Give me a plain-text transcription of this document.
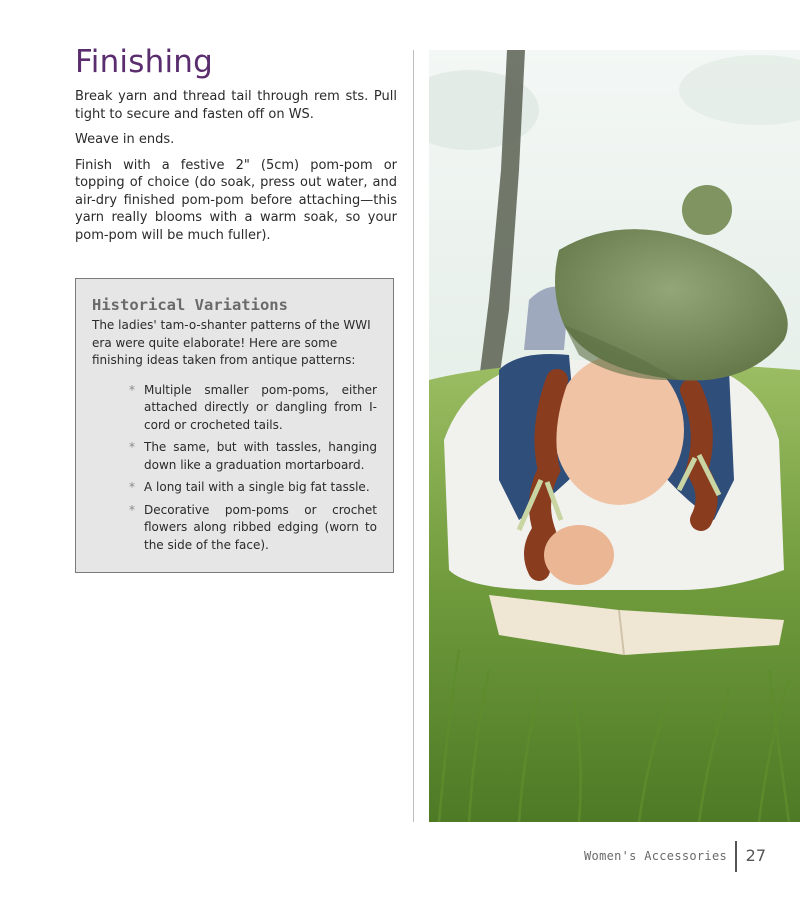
Finishing

Break yarn and thread tail through rem sts. Pull tight to secure and fasten off on WS.

Weave in ends.

Finish with a festive 2" (5cm) pom-pom or topping of choice (do soak, press out water, and air-dry finished pom-pom before attaching—this yarn really blooms with a warm soak, so your pom-pom will be much fuller).

Historical Variations

The ladies' tam-o-shanter patterns of the WWI era were quite elaborate! Here are some finishing ideas taken from antique patterns:

* Multiple smaller pom-poms, either attached directly or dangling from I-cord or crocheted tails.
* The same, but with tassles, hanging down like a graduation mortarboard.
* A long tail with a single big fat tassle.
* Decorative pom-poms or crochet flowers along ribbed edging (worn to the side of the face).
Women's Accessories 27
